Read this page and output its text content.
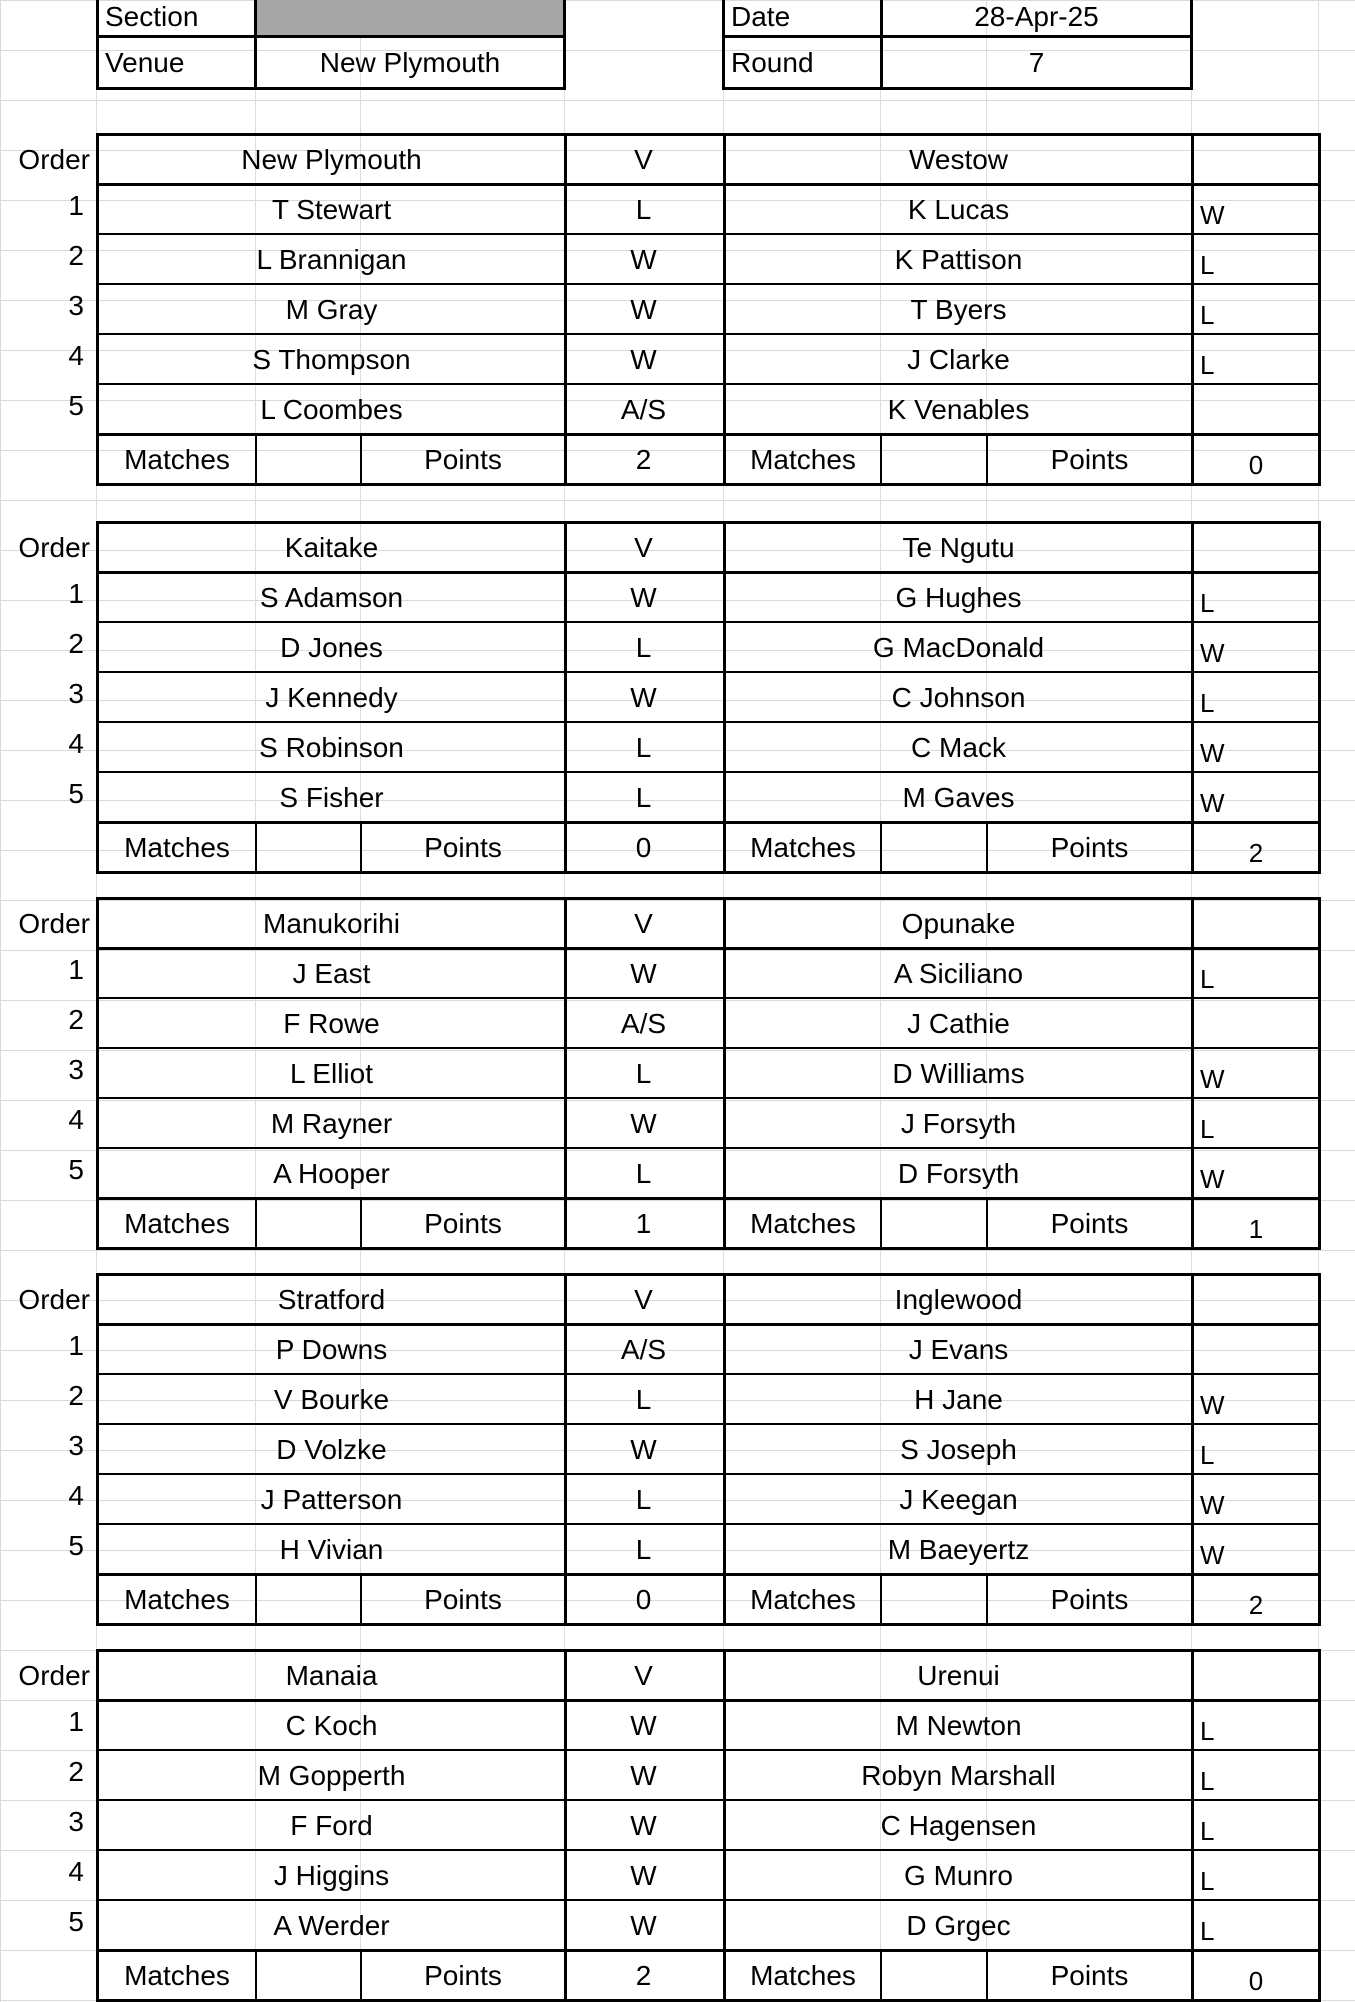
Section
Venue	New Plymouth
Date	28-Apr-25
Round	7
Order	New Plymouth	V	Westow
1	T Stewart	L	K Lucas	W
2	L Brannigan	W	K Pattison	L
3	M Gray	W	T Byers	L
4	S Thompson	W	J Clarke	L
5	L Coombes	A/S	K Venables
Matches	Points	2	Matches	Points	0
Order	Kaitake	V	Te Ngutu
1	S Adamson	W	G Hughes	L
2	D Jones	L	G MacDonald	W
3	J Kennedy	W	C Johnson	L
4	S Robinson	L	C Mack	W
5	S Fisher	L	M Gaves	W
Matches	Points	0	Matches	Points	2
Order	Manukorihi	V	Opunake
1	J East	W	A Siciliano	L
2	F Rowe	A/S	J Cathie
3	L Elliot	L	D Williams	W
4	M Rayner	W	J Forsyth	L
5	A Hooper	L	D Forsyth	W
Matches	Points	1	Matches	Points	1
Order	Stratford	V	Inglewood
1	P Downs	A/S	J Evans
2	V Bourke	L	H Jane	W
3	D Volzke	W	S Joseph	L
4	J Patterson	L	J Keegan	W
5	H Vivian	L	M Baeyertz	W
Matches	Points	0	Matches	Points	2
Order	Manaia	V	Urenui
1	C Koch	W	M Newton	L
2	M Gopperth	W	Robyn Marshall	L
3	F Ford	W	C Hagensen	L
4	J Higgins	W	G Munro	L
5	A Werder	W	D Grgec	L
Matches	Points	2	Matches	Points	0
